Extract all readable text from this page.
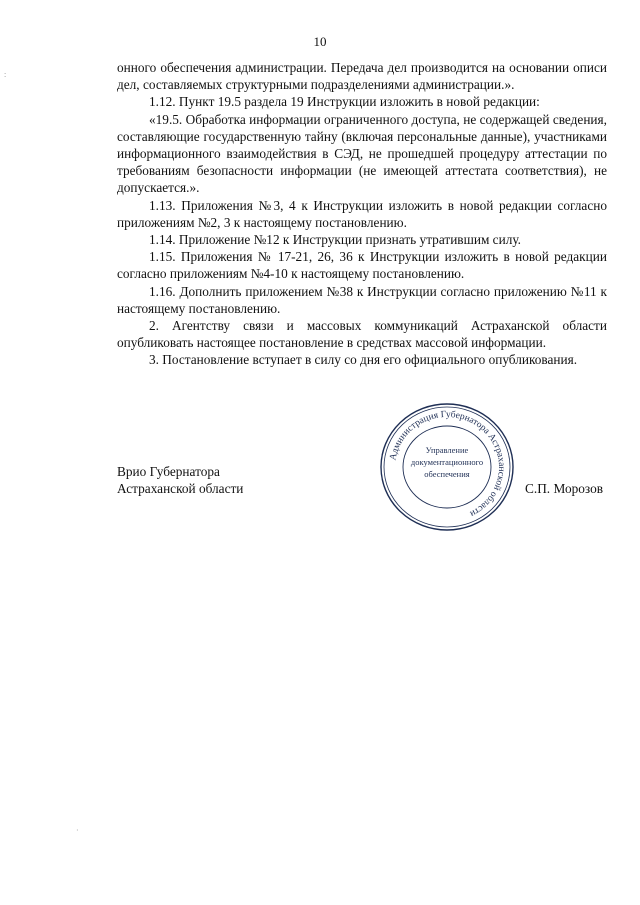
10

онного обеспечения администрации. Передача дел производится на основании описи дел, составляемых структурными подразделениями администрации.».

1.12. Пункт 19.5 раздела 19 Инструкции изложить в новой редакции:

«19.5. Обработка информации ограниченного доступа, не содержащей сведения, составляющие государственную тайну (включая персональные данные), участниками информационного взаимодействия в СЭД, не прошедшей процедуру аттестации по требованиям безопасности информации (не имеющей аттестата соответствия), не допускается.».

1.13. Приложения №3, 4 к Инструкции изложить в новой редакции согласно приложениям №2, 3 к настоящему постановлению.

1.14. Приложение №12 к Инструкции признать утратившим силу.

1.15. Приложения № 17-21, 26, 36 к Инструкции изложить в новой редакции согласно приложениям №4-10 к настоящему постановлению.

1.16. Дополнить приложением №38 к Инструкции согласно приложению №11 к настоящему постановлению.

2. Агентству связи и массовых коммуникаций Астраханской области опубликовать настоящее постановление в средствах массовой информации.

3. Постановление вступает в силу со дня его официального опубликования.

Врио Губернатора
Астраханской области	С.П. Морозов
Администрация Губернатора Астраханской области
Управление
документационного
обеспечения
:
·
